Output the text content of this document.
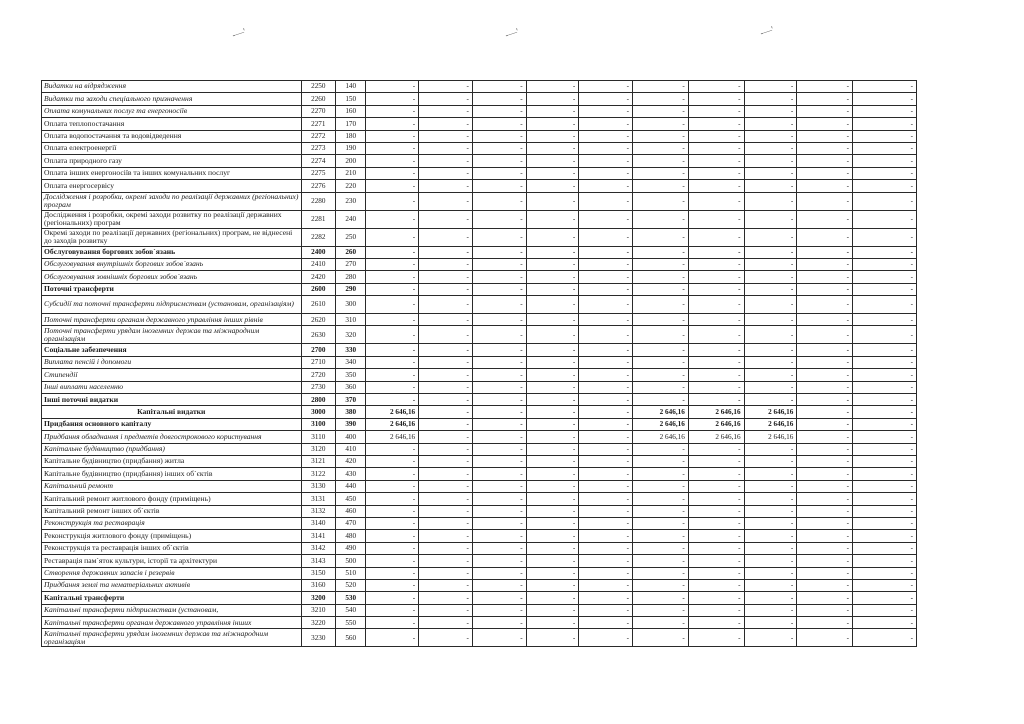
-—'	-—'	-—'
Видатки на відрядження	2250	140	-	-	-	-	-	-	-	-	-	-
Видатки та заходи спеціального призначення	2260	150	-	-	-	-	-	-	-	-	-	-
Оплата комунальних послуг та енергоносіїв	2270	160	-	-	-	-	-	-	-	-	-	-
Оплата теплопостачання	2271	170	-	-	-	-	-	-	-	-	-	-
Оплата водопостачання та водовідведення	2272	180	-	-	-	-	-	-	-	-	-	-
Оплата електроенергії	2273	190	-	-	-	-	-	-	-	-	-	-
Оплата природного газу	2274	200	-	-	-	-	-	-	-	-	-	-
Оплата інших енергоносіїв та інших комунальних послуг	2275	210	-	-	-	-	-	-	-	-	-	-
Оплата енергосервісу	2276	220	-	-	-	-	-	-	-	-	-	-
Дослідження і розробки, окремі заходи по реалізації державних (регіональних) програм	2280	230	-	-	-	-	-	-	-	-	-	-
Дослідження і розробки, окремі заходи розвитку по реалізації державних (регіональних) програм	2281	240	-	-	-	-	-	-	-	-	-	-
Окремі заходи по реалізації державних (регіональних) програм, не віднесені до заходів розвитку	2282	250	-	-	-	-	-	-	-	-	-	-
Обслуговування боргових зобов`язань	2400	260	-	-	-	-	-	-	-	-	-	-
Обслуговування внутрішніх боргових зобов`язань	2410	270	-	-	-	-	-	-	-	-	-	-
Обслуговування зовнішніх боргових зобов`язань	2420	280	-	-	-	-	-	-	-	-	-	-
Поточні трансферти	2600	290	-	-	-	-	-	-	-	-	-	-
Субсидії та поточні трансферти підприємствам (установам, організаціям)	2610	300	-	-	-	-	-	-	-	-	-	-
Поточні трансферти органам державного управління інших рівнів	2620	310	-	-	-	-	-	-	-	-	-	-
Поточні трансферти урядам іноземних держав та міжнародним організаціям	2630	320	-	-	-	-	-	-	-	-	-	-
Соціальне забезпечення	2700	330	-	-	-	-	-	-	-	-	-	-
Виплата пенсій і допомоги	2710	340	-	-	-	-	-	-	-	-	-	-
Стипендії	2720	350	-	-	-	-	-	-	-	-	-	-
Інші виплати населенню	2730	360	-	-	-	-	-	-	-	-	-	-
Інші поточні видатки	2800	370	-	-	-	-	-	-	-	-	-	-
Капітальні видатки	3000	380	2 646,16	-	-	-	-	2 646,16	2 646,16	2 646,16	-	-
Придбання основного капіталу	3100	390	2 646,16	-	-	-	-	2 646,16	2 646,16	2 646,16	-	-
Придбання обладнання і предметів довгострокового користування	3110	400	2 646,16	-	-	-	-	2 646,16	2 646,16	2 646,16	-	-
Капітальне будівництво (придбання)	3120	410	-	-	-	-	-	-	-	-	-	-
Капітальне будівництво (придбання) житла	3121	420	-	-	-	-	-	-	-	-	-	-
Капітальне будівництво (придбання) інших об`єктів	3122	430	-	-	-	-	-	-	-	-	-	-
Капітальний ремонт	3130	440	-	-	-	-	-	-	-	-	-	-
Капітальний ремонт житлового фонду (приміщень)	3131	450	-	-	-	-	-	-	-	-	-	-
Капітальний ремонт інших об`єктів	3132	460	-	-	-	-	-	-	-	-	-	-
Реконструкція та реставрація	3140	470	-	-	-	-	-	-	-	-	-	-
Реконструкція житлового фонду (приміщень)	3141	480	-	-	-	-	-	-	-	-	-	-
Реконструкція та реставрація інших об`єктів	3142	490	-	-	-	-	-	-	-	-	-	-
Реставрація пам`яток культури, історії та архітектури	3143	500	-	-	-	-	-	-	-	-	-	-
Створення державних запасів і резервів	3150	510	-	-	-	-	-	-	-	-	-	-
Придбання землі та нематеріальних активів	3160	520	-	-	-	-	-	-	-	-	-	-
Капітальні трансферти	3200	530	-	-	-	-	-	-	-	-	-	-
Капітальні трансферти підприємствам (установам,	3210	540	-	-	-	-	-	-	-	-	-	-
Капітальні трансферти органам державного управління інших	3220	550	-	-	-	-	-	-	-	-	-	-
Капітальні трансферти урядам іноземних держав та міжнародним організаціям	3230	560	-	-	-	-	-	-	-	-	-	-
